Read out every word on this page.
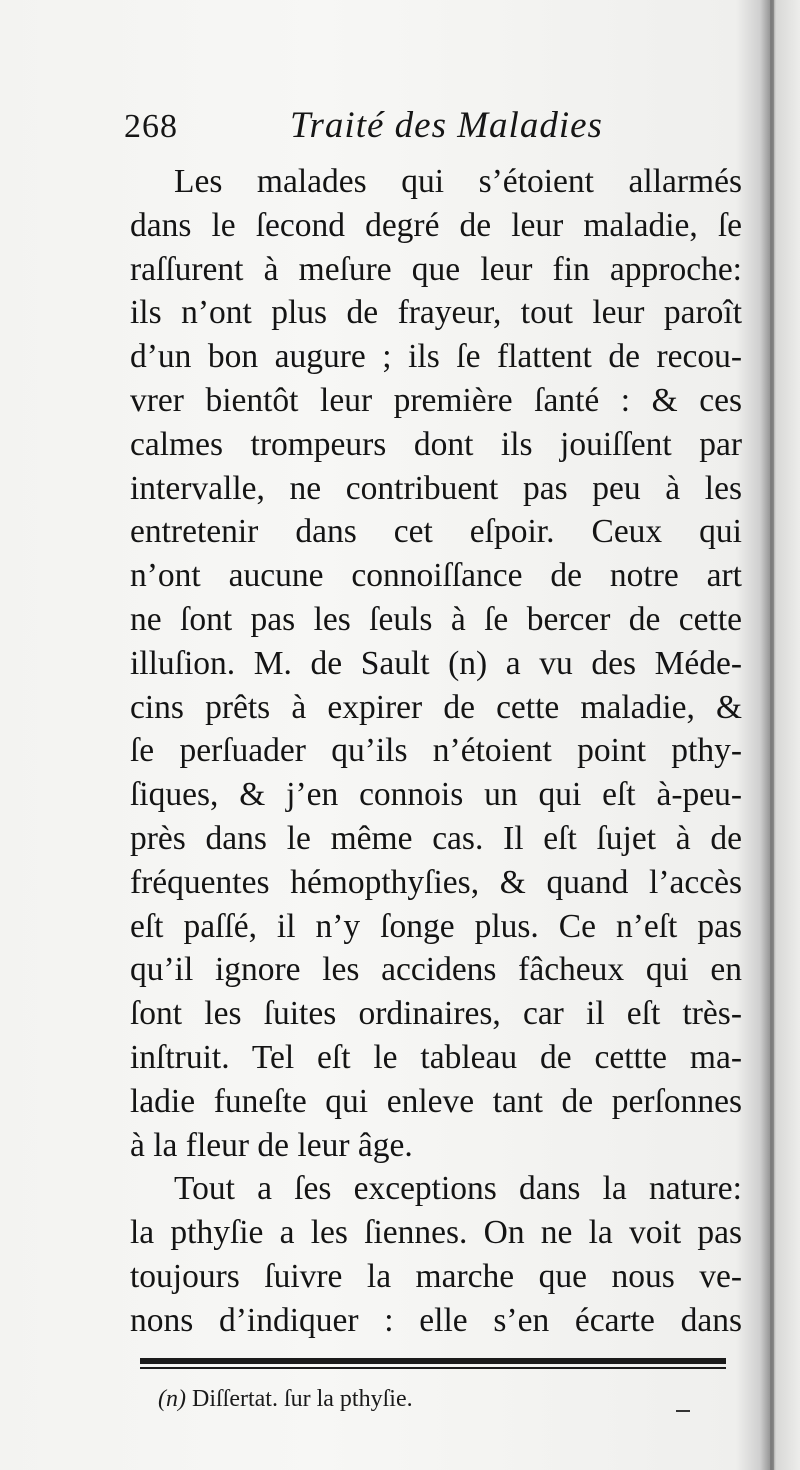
268	Traité des Maladies
Les malades qui s’étoient allarmés
dans le ſecond degré de leur maladie, ſe
raſſurent à meſure que leur fin approche:
ils n’ont plus de frayeur, tout leur paroît
d’un bon augure ; ils ſe flattent de recou-
vrer bientôt leur première ſanté : & ces
calmes trompeurs dont ils jouiſſent par
intervalle, ne contribuent pas peu à les
entretenir dans cet eſpoir. Ceux qui
n’ont aucune connoiſſance de notre art
ne ſont pas les ſeuls à ſe bercer de cette
illuſion. M. de Sault (n) a vu des Méde-
cins prêts à expirer de cette maladie, &
ſe perſuader qu’ils n’étoient point pthy-
ſiques, & j’en connois un qui eſt à-peu-
près dans le même cas. Il eſt ſujet à de
fréquentes hémopthyſies, & quand l’accès
eſt paſſé, il n’y ſonge plus. Ce n’eſt pas
qu’il ignore les accidens fâcheux qui en
ſont les ſuites ordinaires, car il eſt très-
inſtruit. Tel eſt le tableau de cettte ma-
ladie funeſte qui enleve tant de perſonnes
à la fleur de leur âge.
Tout a ſes exceptions dans la nature:
la pthyſie a les ſiennes. On ne la voit pas
toujours ſuivre la marche que nous ve-
nons d’indiquer : elle s’en écarte dans
(n) Diſſertat. ſur la pthyſie.
